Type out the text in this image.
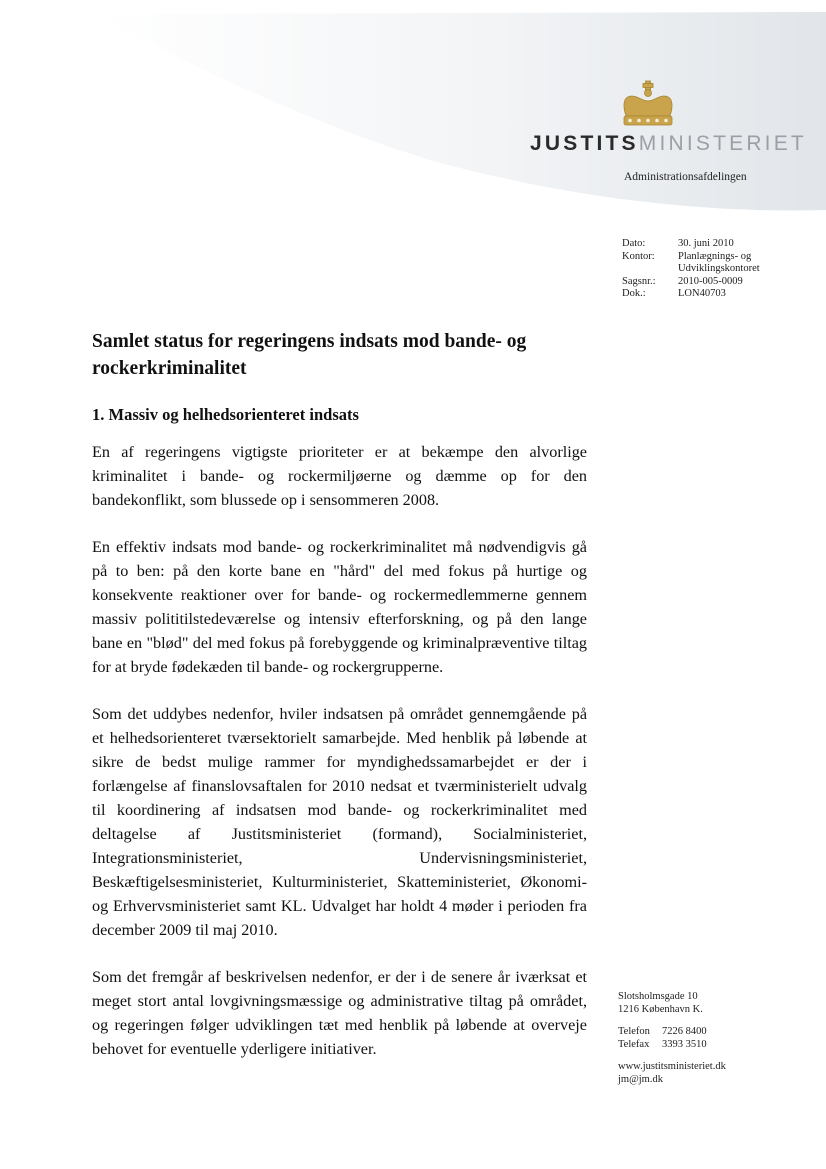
JUSTITSMINISTERIET
Administrationsafdelingen
Dato:	30. juni 2010
Kontor:	Planlægnings- og
Udviklingskontoret
Sagsnr.:	2010-005-0009
Dok.:	LON40703
Samlet status for regeringens indsats mod bande- og rockerkriminalitet
1. Massiv og helhedsorienteret indsats

En af regeringens vigtigste prioriteter er at bekæmpe den alvorlige kriminalitet i bande- og rockermiljøerne og dæmme op for den bandekonflikt, som blussede op i sensommeren 2008.

En effektiv indsats mod bande- og rockerkriminalitet må nødvendigvis gå på to ben: på den korte bane en "hård" del med fokus på hurtige og konsekvente reaktioner over for bande- og rockermedlemmerne gennem massiv polititilstedeværelse og intensiv efterforskning, og på den lange bane en "blød" del med fokus på forebyggende og kriminalpræventive tiltag for at bryde fødekæden til bande- og rockergrupperne.

Som det uddybes nedenfor, hviler indsatsen på området gennemgående på et helhedsorienteret tværsektorielt samarbejde. Med henblik på løbende at sikre de bedst mulige rammer for myndighedssamarbejdet er der i forlængelse af finanslovsaftalen for 2010 nedsat et tværministerielt udvalg til koordinering af indsatsen mod bande- og rockerkriminalitet med deltagelse af Justitsministeriet (formand), Socialministeriet, Integrationsministeriet, Undervisningsministeriet, Beskæftigelsesministeriet, Kulturministeriet, Skatteministeriet, Økonomi- og Erhvervsministeriet samt KL. Udvalget har holdt 4 møder i perioden fra december 2009 til maj 2010.

Som det fremgår af beskrivelsen nedenfor, er der i de senere år iværksat et meget stort antal lovgivningsmæssige og administrative tiltag på området, og regeringen følger udviklingen tæt med henblik på løbende at overveje behovet for eventuelle yderligere initiativer.

Slotsholmsgade 10
1216 København K.
Telefon	7226 8400
Telefax	3393 3510
www.justitsministeriet.dk
jm@jm.dk
